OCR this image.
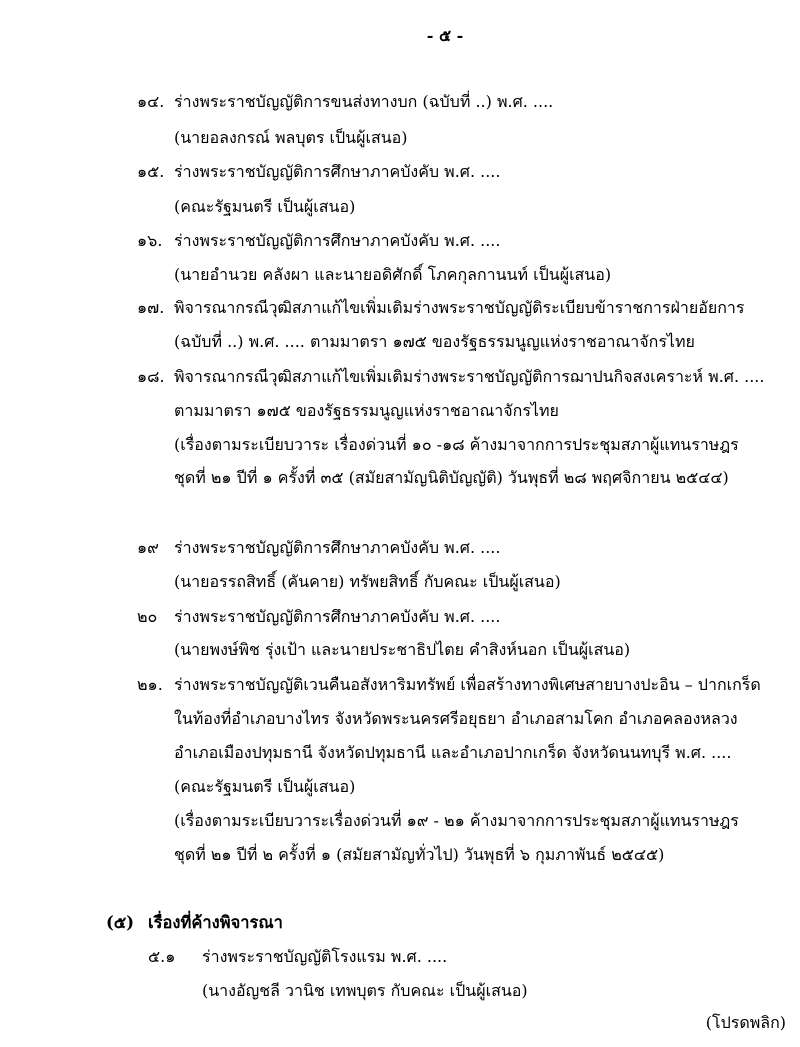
- ๕ -
๑๔. ร่างพระราชบัญญัติการขนส่งทางบก (ฉบับที่ ..) พ.ศ. ....
(นายอลงกรณ์ พลบุตร เป็นผู้เสนอ)
๑๕. ร่างพระราชบัญญัติการศึกษาภาคบังคับ พ.ศ. ....
(คณะรัฐมนตรี เป็นผู้เสนอ)
๑๖. ร่างพระราชบัญญัติการศึกษาภาคบังคับ พ.ศ. ....
(นายอำนวย คลังผา และนายอดิศักดิ์ โภคกุลกานนท์ เป็นผู้เสนอ)
๑๗. พิจารณากรณีวุฒิสภาแก้ไขเพิ่มเติมร่างพระราชบัญญัติระเบียบข้าราชการฝ่ายอัยการ
(ฉบับที่ ..) พ.ศ. .... ตามมาตรา ๑๗๕ ของรัฐธรรมนูญแห่งราชอาณาจักรไทย
๑๘. พิจารณากรณีวุฒิสภาแก้ไขเพิ่มเติมร่างพระราชบัญญัติการฌาปนกิจสงเคราะห์ พ.ศ. ....
ตามมาตรา ๑๗๕ ของรัฐธรรมนูญแห่งราชอาณาจักรไทย
(เรื่องตามระเบียบวาระ เรื่องด่วนที่ ๑๐ -๑๘ ค้างมาจากการประชุมสภาผู้แทนราษฎร
ชุดที่ ๒๑ ปีที่ ๑ ครั้งที่ ๓๕ (สมัยสามัญนิติบัญญัติ) วันพุธที่ ๒๘ พฤศจิกายน ๒๕๔๔)
๑๙ ร่างพระราชบัญญัติการศึกษาภาคบังคับ พ.ศ. ....
(นายอรรถสิทธิ์ (คันคาย) ทรัพยสิทธิ์ กับคณะ เป็นผู้เสนอ)
๒๐ ร่างพระราชบัญญัติการศึกษาภาคบังคับ พ.ศ. ....
(นายพงษ์พิช รุ่งเป้า และนายประชาธิปไตย คำสิงห์นอก เป็นผู้เสนอ)
๒๑. ร่างพระราชบัญญัติเวนคืนอสังหาริมทรัพย์ เพื่อสร้างทางพิเศษสายบางปะอิน – ปากเกร็ด
ในท้องที่อำเภอบางไทร จังหวัดพระนครศรีอยุธยา อำเภอสามโคก อำเภอคลองหลวง
อำเภอเมืองปทุมธานี จังหวัดปทุมธานี และอำเภอปากเกร็ด จังหวัดนนทบุรี พ.ศ. ....
(คณะรัฐมนตรี เป็นผู้เสนอ)
(เรื่องตามระเบียบวาระเรื่องด่วนที่ ๑๙ - ๒๑ ค้างมาจากการประชุมสภาผู้แทนราษฎร
ชุดที่ ๒๑ ปีที่ ๒ ครั้งที่ ๑ (สมัยสามัญทั่วไป) วันพุธที่ ๖ กุมภาพันธ์ ๒๕๔๕)
(๕) เรื่องที่ค้างพิจารณา
๕.๑ ร่างพระราชบัญญัติโรงแรม พ.ศ. ....
(นางอัญชลี วานิช เทพบุตร กับคณะ เป็นผู้เสนอ)
(โปรดพลิก)
